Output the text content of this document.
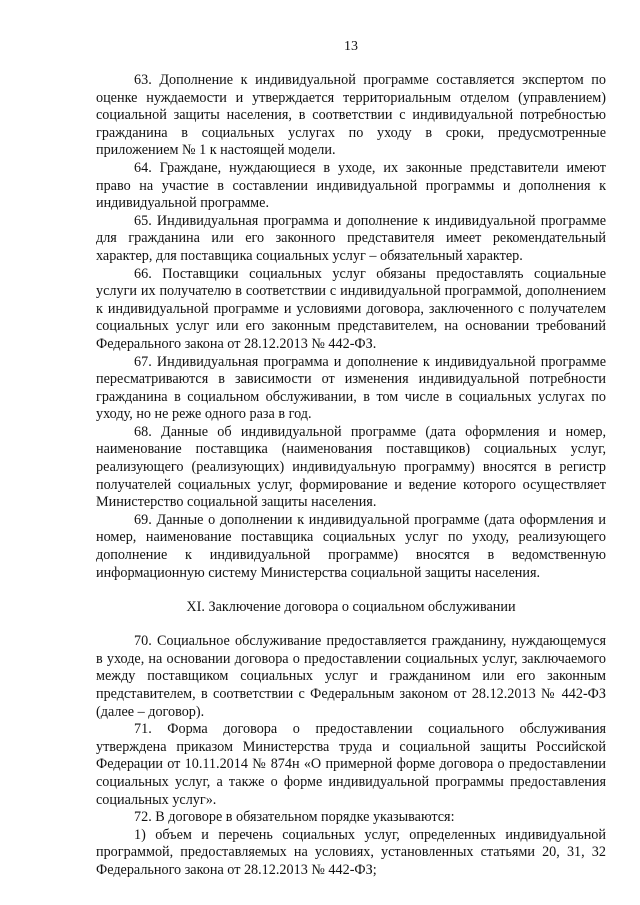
13

63. Дополнение к индивидуальной программе составляется экспертом по оценке нуждаемости и утверждается территориальным отделом (управлением) социальной защиты населения, в соответствии с индивидуальной потребностью гражданина в социальных услугах по уходу в сроки, предусмотренные приложением № 1 к настоящей модели.

64. Граждане, нуждающиеся в уходе, их законные представители имеют право на участие в составлении индивидуальной программы и дополнения к индивидуальной программе.

65. Индивидуальная программа и дополнение к индивидуальной программе для гражданина или его законного представителя имеет рекомендательный характер, для поставщика социальных услуг – обязательный характер.

66. Поставщики социальных услуг обязаны предоставлять социальные услуги их получателю в соответствии с индивидуальной программой, дополнением к индивидуальной программе и условиями договора, заключенного с получателем социальных услуг или его законным представителем, на основании требований Федерального закона от 28.12.2013 № 442-ФЗ.

67. Индивидуальная программа и дополнение к индивидуальной программе пересматриваются в зависимости от изменения индивидуальной потребности гражданина в социальном обслуживании, в том числе в социальных услугах по уходу, но не реже одного раза в год.

68. Данные об индивидуальной программе (дата оформления и номер, наименование поставщика (наименования поставщиков) социальных услуг, реализующего (реализующих) индивидуальную программу) вносятся в регистр получателей социальных услуг, формирование и ведение которого осуществляет Министерство социальной защиты населения.

69. Данные о дополнении к индивидуальной программе (дата оформления и номер, наименование поставщика социальных услуг по уходу, реализующего дополнение к индивидуальной программе) вносятся в ведомственную информационную систему Министерства социальной защиты населения.

XI. Заключение договора о социальном обслуживании

70. Социальное обслуживание предоставляется гражданину, нуждающемуся в уходе, на основании договора о предоставлении социальных услуг, заключаемого между поставщиком социальных услуг и гражданином или его законным представителем, в соответствии с Федеральным законом от 28.12.2013 № 442-ФЗ (далее – договор).

71. Форма договора о предоставлении социального обслуживания утверждена приказом Министерства труда и социальной защиты Российской Федерации от 10.11.2014 № 874н «О примерной форме договора о предоставлении социальных услуг, а также о форме индивидуальной программы предоставления социальных услуг».

72. В договоре в обязательном порядке указываются:

1) объем и перечень социальных услуг, определенных индивидуальной программой, предоставляемых на условиях, установленных статьями 20, 31, 32 Федерального закона от 28.12.2013 № 442-ФЗ;
